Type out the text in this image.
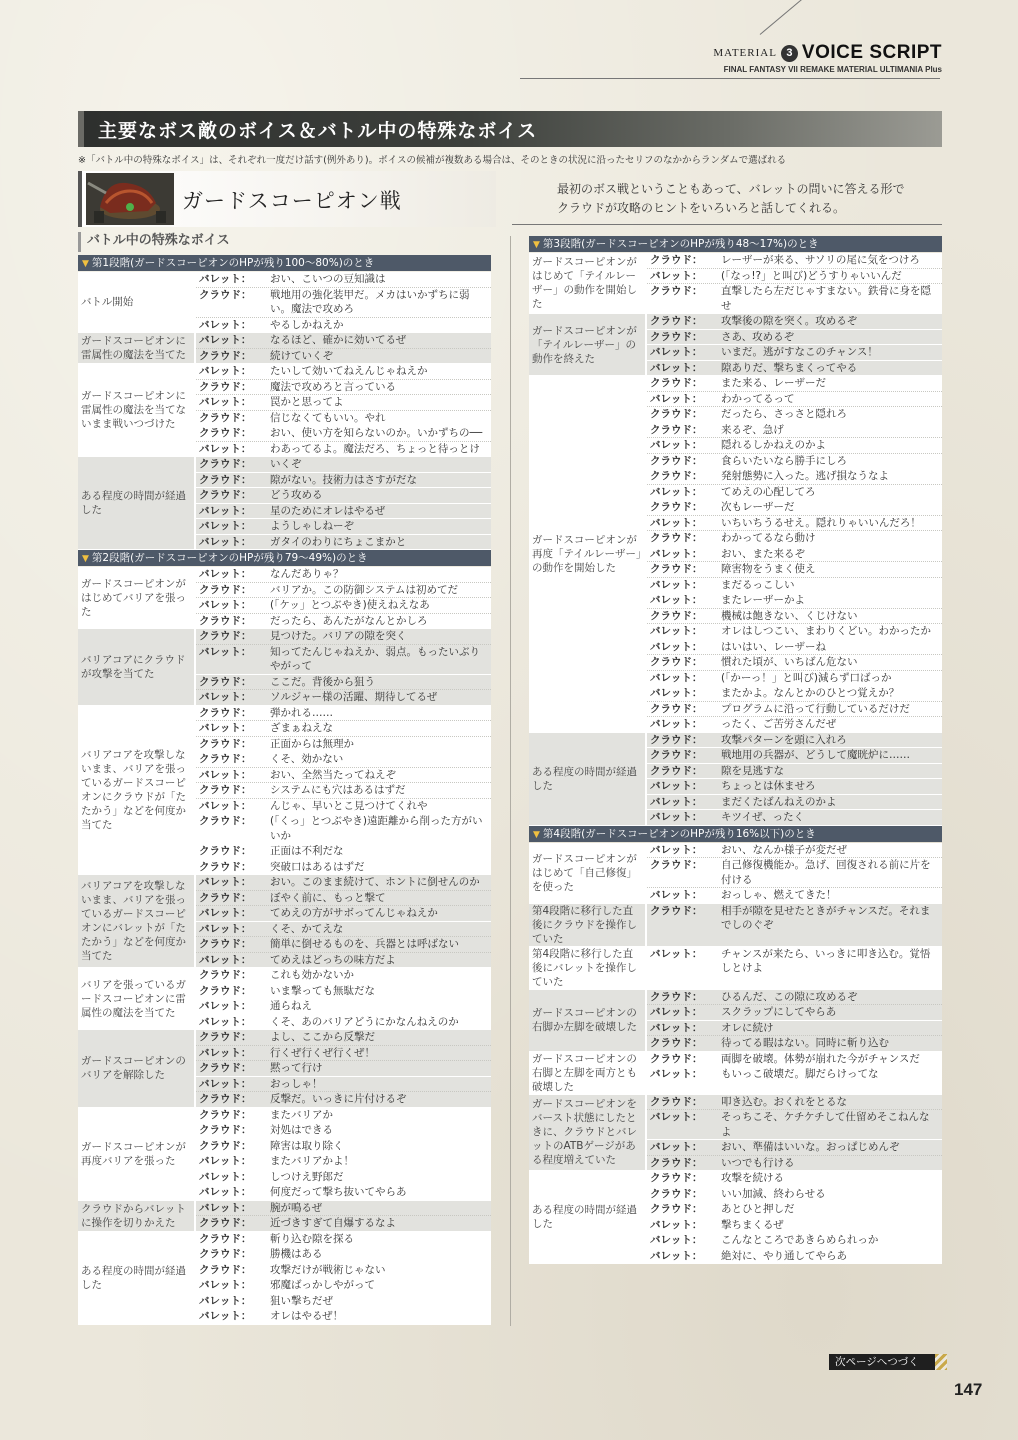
MATERIAL 3 VOICE SCRIPT
FINAL FANTASY VII REMAKE MATERIAL ULTIMANIA Plus
主要なボス敵のボイス＆バトル中の特殊なボイス
※「バトル中の特殊なボイス」は、それぞれ一度だけ話す(例外あり)。ボイスの候補が複数ある場合は、そのときの状況に沿ったセリフのなかからランダムで選ばれる
ガードスコーピオン戦	最初のボス戦ということもあって、バレットの問いに答える形で
クラウドが攻略のヒントをいろいろと話してくれる。
バトル中の特殊なボイス
▼ 第1段階(ガードスコーピオンのHPが残り100〜80%)のとき
バトル開始
バレット：	おい、こいつの豆知識は
クラウド：	戦地用の強化装甲だ。メカはいかずちに弱い。魔法で攻めろ
バレット：	やるしかねえか
ガードスコーピオンに雷属性の魔法を当てた
バレット：	なるほど、確かに効いてるぜ
クラウド：	続けていくぞ
ガードスコーピオンに雷属性の魔法を当てないまま戦いつづけた
バレット：	たいして効いてねえんじゃねえか
クラウド：	魔法で攻めろと言っている
バレット：	罠かと思ってよ
クラウド：	信じなくてもいい。やれ
クラウド：	おい、使い方を知らないのか。いかずちの──
バレット：	わあってるよ。魔法だろ、ちょっと待っとけ
ある程度の時間が経過した
クラウド：	いくぞ
クラウド：	隙がない。技術力はさすがだな
クラウド：	どう攻める
バレット：	星のためにオレはやるぜ
バレット：	ようしゃしねーぞ
バレット：	ガタイのわりにちょこまかと
▼ 第2段階(ガードスコーピオンのHPが残り79〜49%)のとき
ガードスコーピオンがはじめてバリアを張った
バレット：	なんだありゃ？
クラウド：	バリアか。この防御システムは初めてだ
バレット：	(「ケッ」とつぶやき)使えねえなあ
クラウド：	だったら、あんたがなんとかしろ
バリアコアにクラウドが攻撃を当てた
クラウド：	見つけた。バリアの隙を突く
バレット：	知ってたんじゃねえか、弱点。もったいぶりやがって
クラウド：	ここだ。背後から狙う
バレット：	ソルジャー様の活躍、期待してるぜ
バリアコアを攻撃しないまま、バリアを張っているガードスコーピオンにクラウドが「たたかう」などを何度か当てた
クラウド：	弾かれる……
バレット：	ざまぁねえな
クラウド：	正面からは無理か
クラウド：	くそ、効かない
バレット：	おい、全然当たってねえぞ
クラウド：	システムにも穴はあるはずだ
バレット：	んじゃ、早いとこ見つけてくれや
クラウド：	(「くっ」とつぶやき)遠距離から削った方がいいか
クラウド：	正面は不利だな
クラウド：	突破口はあるはずだ
バリアコアを攻撃しないまま、バリアを張っているガードスコーピオンにバレットが「たたかう」などを何度か当てた
バレット：	おい。このまま続けて、ホントに倒せんのか
クラウド：	ぼやく前に、もっと撃て
バレット：	てめえの方がサボってんじゃねえか
バレット：	くそ、かてえな
クラウド：	簡単に倒せるものを、兵器とは呼ばない
バレット：	てめえはどっちの味方だよ
バリアを張っているガードスコーピオンに雷属性の魔法を当てた
クラウド：	これも効かないか
クラウド：	いま撃っても無駄だな
バレット：	通らねえ
バレット：	くそ、あのバリアどうにかなんねえのか
ガードスコーピオンのバリアを解除した
クラウド：	よし、ここから反撃だ
バレット：	行くぜ行くぜ行くぜ！
クラウド：	黙って行け
バレット：	おっしゃ！
クラウド：	反撃だ。いっきに片付けるぞ
ガードスコーピオンが再度バリアを張った
クラウド：	またバリアか
クラウド：	対処はできる
クラウド：	障害は取り除く
バレット：	またバリアかよ！
バレット：	しつけえ野郎だ
バレット：	何度だって撃ち抜いてやらあ
クラウドからバレットに操作を切りかえた
バレット：	腕が鳴るぜ
クラウド：	近づきすぎて自爆するなよ
ある程度の時間が経過した
クラウド：	斬り込む隙を探る
クラウド：	勝機はある
クラウド：	攻撃だけが戦術じゃない
バレット：	邪魔ばっかしやがって
バレット：	狙い撃ちだぜ
バレット：	オレはやるぜ！
▼ 第3段階(ガードスコーピオンのHPが残り48〜17%)のとき
ガードスコーピオンがはじめて「テイルレーザー」の動作を開始した
クラウド：	レーザーが来る、サソリの尾に気をつけろ
バレット：	(「なっ!?」と叫び)どうすりゃいいんだ
クラウド：	直撃したら左だじゃすまない。鉄骨に身を隠せ
ガードスコーピオンが「テイルレーザー」の動作を終えた
クラウド：	攻撃後の隙を突く。攻めるぞ
クラウド：	さあ、攻めるぞ
バレット：	いまだ。逃がすなこのチャンス！
バレット：	隙ありだ、撃ちまくってやる
ガードスコーピオンが再度「テイルレーザー」の動作を開始した
クラウド：	また来る、レーザーだ
バレット：	わかってるって
クラウド：	だったら、さっさと隠れろ
クラウド：	来るぞ、急げ
バレット：	隠れるしかねえのかよ
クラウド：	食らいたいなら勝手にしろ
クラウド：	発射態勢に入った。逃げ損なうなよ
バレット：	てめえの心配してろ
クラウド：	次もレーザーだ
バレット：	いちいちうるせえ。隠れりゃいいんだろ！
クラウド：	わかってるなら動け
バレット：	おい、また来るぞ
クラウド：	障害物をうまく使え
バレット：	まだるっこしい
バレット：	またレーザーかよ
クラウド：	機械は飽きない、くじけない
バレット：	オレはしつこい、まわりくどい。わかったか
バレット：	はいはい、レーザーね
クラウド：	慣れた頃が、いちばん危ない
バレット：	(「かーっ！」と叫び)減らず口ばっか
バレット：	またかよ。なんとかのひとつ覚えか？
クラウド：	プログラムに沿って行動しているだけだ
バレット：	ったく、ご苦労さんだぜ
ある程度の時間が経過した
クラウド：	攻撃パターンを頭に入れろ
クラウド：	戦地用の兵器が、どうして魔晄炉に……
クラウド：	隙を見逃すな
バレット：	ちょっとは休ませろ
バレット：	まだくたばんねえのかよ
バレット：	キツイぜ、ったく
▼ 第4段階(ガードスコーピオンのHPが残り16%以下)のとき
ガードスコーピオンがはじめて「自己修復」を使った
バレット：	おい、なんか様子が変だぜ
クラウド：	自己修復機能か。急げ、回復される前に片を付ける
バレット：	おっしゃ、燃えてきた！
第4段階に移行した直後にクラウドを操作していた
クラウド：	相手が隙を見せたときがチャンスだ。それまでしのぐぞ
第4段階に移行した直後にバレットを操作していた
バレット：	チャンスが来たら、いっきに叩き込む。覚悟しとけよ
ガードスコーピオンの右脚か左脚を破壊した
クラウド：	ひるんだ、この隙に攻めるぞ
バレット：	スクラップにしてやらあ
バレット：	オレに続け
クラウド：	待ってる暇はない。同時に斬り込む
ガードスコーピオンの右脚と左脚を両方とも破壊した
クラウド：	両脚を破壊。体勢が崩れた今がチャンスだ
バレット：	もいっこ破壊だ。脚だらけってな
ガードスコーピオンをバースト状態にしたときに、クラウドとバレットのATBゲージがある程度増えていた
クラウド：	叩き込む。おくれをとるな
バレット：	そっちこそ、ケチケチして仕留めそこねんなよ
バレット：	おい、準備はいいな。おっぱじめんぞ
クラウド：	いつでも行ける
ある程度の時間が経過した
クラウド：	攻撃を続ける
クラウド：	いい加減、終わらせる
クラウド：	あとひと押しだ
バレット：	撃ちまくるぜ
バレット：	こんなところであきらめられっか
バレット：	絶対に、やり通してやらあ
次ページへつづく
147
